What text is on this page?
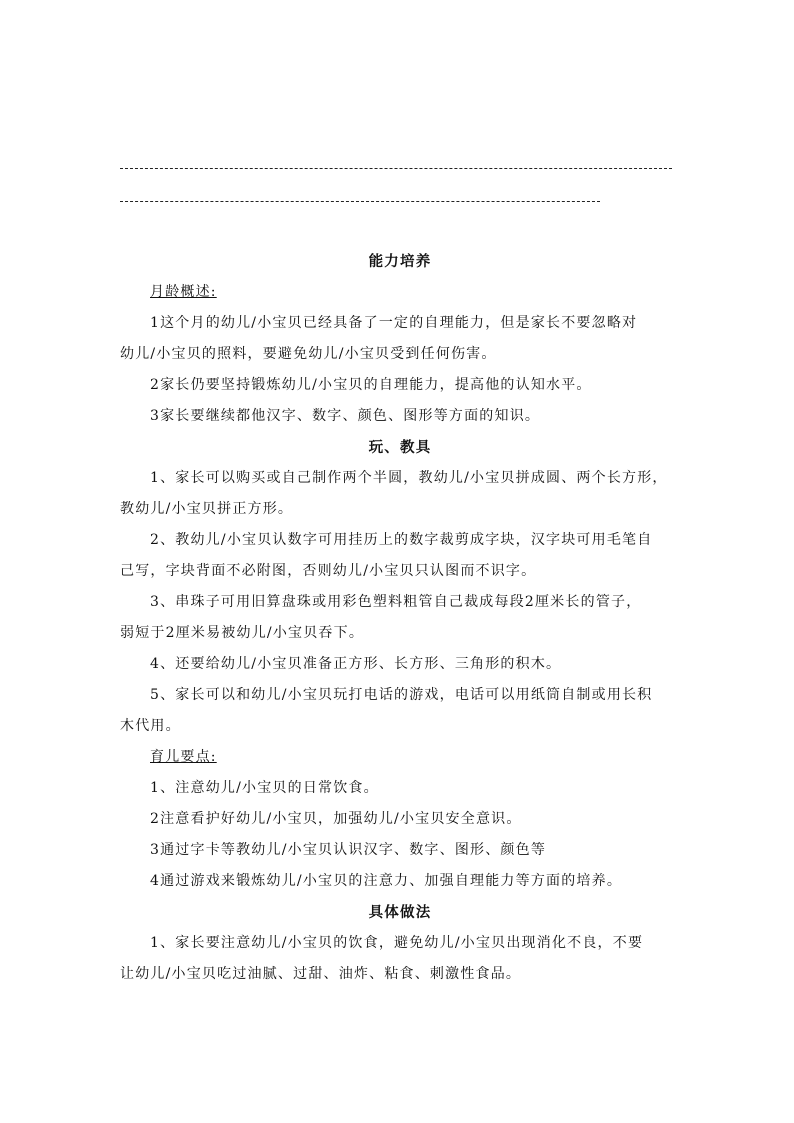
能力培养
月龄概述:

1这个月的幼儿/小宝贝已经具备了一定的自理能力，但是家长不要忽略对
幼儿/小宝贝的照料，要避免幼儿/小宝贝受到任何伤害。

2家长仍要坚持锻炼幼儿/小宝贝的自理能力，提高他的认知水平。

3家长要继续都他汉字、数字、颜色、图形等方面的知识。

玩、教具

1、家长可以购买或自己制作两个半圆，教幼儿/小宝贝拼成圆、两个长方形，
教幼儿/小宝贝拼正方形。

2、教幼儿/小宝贝认数字可用挂历上的数字裁剪成字块，汉字块可用毛笔自
己写，字块背面不必附图，否则幼儿/小宝贝只认图而不识字。

3、串珠子可用旧算盘珠或用彩色塑料粗管自己裁成每段2厘米长的管子，
弱短于2厘米易被幼儿/小宝贝吞下。

4、还要给幼儿/小宝贝准备正方形、长方形、三角形的积木。

5、家长可以和幼儿/小宝贝玩打电话的游戏，电话可以用纸筒自制或用长积
木代用。

育儿要点:

1、注意幼儿/小宝贝的日常饮食。

2注意看护好幼儿/小宝贝，加强幼儿/小宝贝安全意识。

3通过字卡等教幼儿/小宝贝认识汉字、数字、图形、颜色等

4通过游戏来锻炼幼儿/小宝贝的注意力、加强自理能力等方面的培养。

具体做法

1、家长要注意幼儿/小宝贝的饮食，避免幼儿/小宝贝出现消化不良，不要
让幼儿/小宝贝吃过油腻、过甜、油炸、粘食、刺激性食品。
